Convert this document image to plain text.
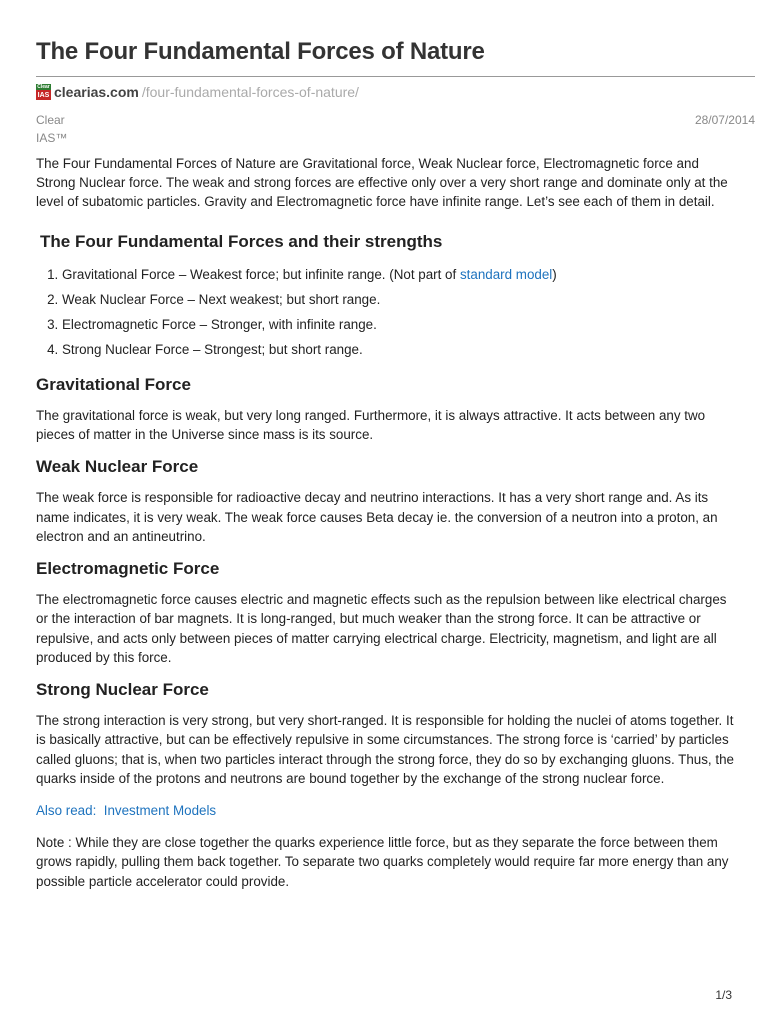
The Four Fundamental Forces of Nature
Clear
IAS clearias.com /four-fundamental-forces-of-nature/
Clear
IAS™
28/07/2014

The Four Fundamental Forces of Nature are Gravitational force, Weak Nuclear force, Electromagnetic force and Strong Nuclear force. The weak and strong forces are effective only over a very short range and dominate only at the level of subatomic particles. Gravity and Electromagnetic force have infinite range. Let’s see each of them in detail.

The Four Fundamental Forces and their strengths
1. Gravitational Force – Weakest force; but infinite range. (Not part of standard model)
2. Weak Nuclear Force – Next weakest; but short range.
3. Electromagnetic Force – Stronger, with infinite range.
4. Strong Nuclear Force – Strongest; but short range.
Gravitational Force

The gravitational force is weak, but very long ranged. Furthermore, it is always attractive. It acts between any two pieces of matter in the Universe since mass is its source.

Weak Nuclear Force

The weak force is responsible for radioactive decay and neutrino interactions. It has a very short range and. As its name indicates, it is very weak. The weak force causes Beta decay ie. the conversion of a neutron into a proton, an electron and an antineutrino.

Electromagnetic Force

The electromagnetic force causes electric and magnetic effects such as the repulsion between like electrical charges or the interaction of bar magnets. It is long-ranged, but much weaker than the strong force. It can be attractive or repulsive, and acts only between pieces of matter carrying electrical charge. Electricity, magnetism, and light are all produced by this force.

Strong Nuclear Force

The strong interaction is very strong, but very short-ranged. It is responsible for holding the nuclei of atoms together. It is basically attractive, but can be effectively repulsive in some circumstances. The strong force is ‘carried’ by particles called gluons; that is, when two particles interact through the strong force, they do so by exchanging gluons. Thus, the quarks inside of the protons and neutrons are bound together by the exchange of the strong nuclear force.

Also read: Investment Models

Note : While they are close together the quarks experience little force, but as they separate the force between them grows rapidly, pulling them back together. To separate two quarks completely would require far more energy than any possible particle accelerator could provide.

1/3
